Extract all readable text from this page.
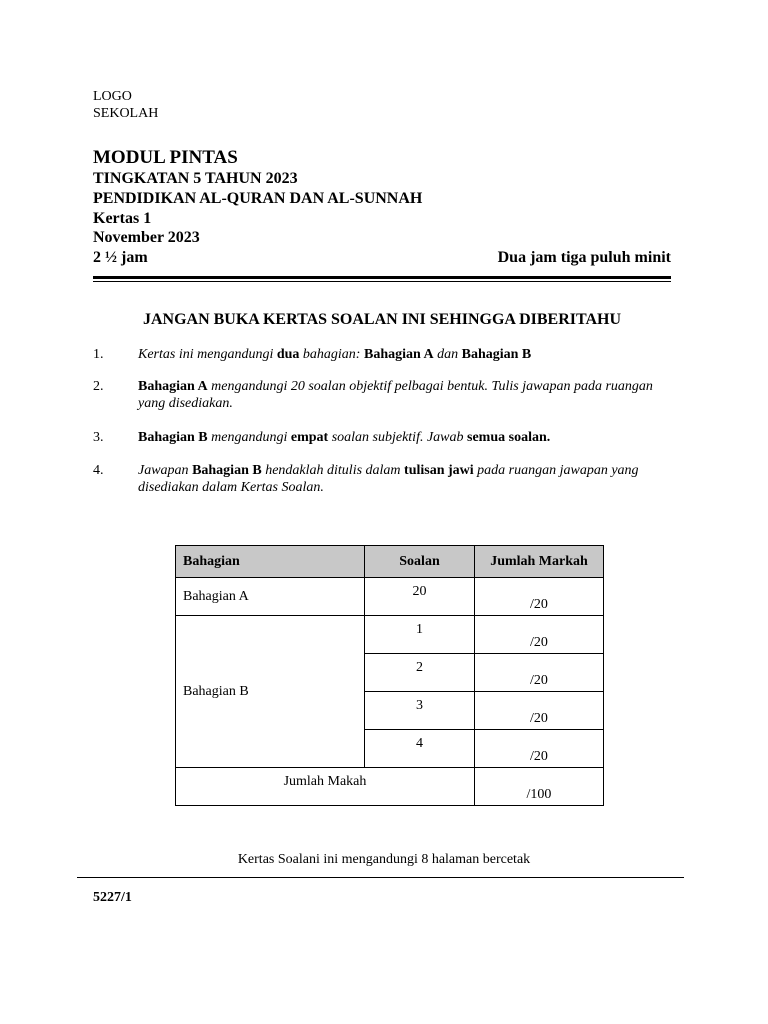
LOGO
SEKOLAH
MODUL PINTAS
TINGKATAN 5 TAHUN 2023
PENDIDIKAN AL-QURAN DAN AL-SUNNAH
Kertas 1
November 2023
2 ½ jam	Dua jam tiga puluh minit
JANGAN BUKA KERTAS SOALAN INI SEHINGGA DIBERITAHU
1. Kertas ini mengandungi dua bahagian: Bahagian A dan Bahagian B
2. Bahagian A mengandungi 20 soalan objektif pelbagai bentuk. Tulis jawapan pada ruangan yang disediakan.
3. Bahagian B mengandungi empat soalan subjektif. Jawab semua soalan.
4. Jawapan Bahagian B hendaklah ditulis dalam tulisan jawi pada ruangan jawapan yang disediakan dalam Kertas Soalan.
Bahagian	Soalan	Jumlah Markah
Bahagian A	20	/20
Bahagian B	1	/20
	2	/20
	3	/20
	4	/20
Jumlah Makah		/100
Kertas Soalani ini mengandungi 8 halaman bercetak
5227/1
